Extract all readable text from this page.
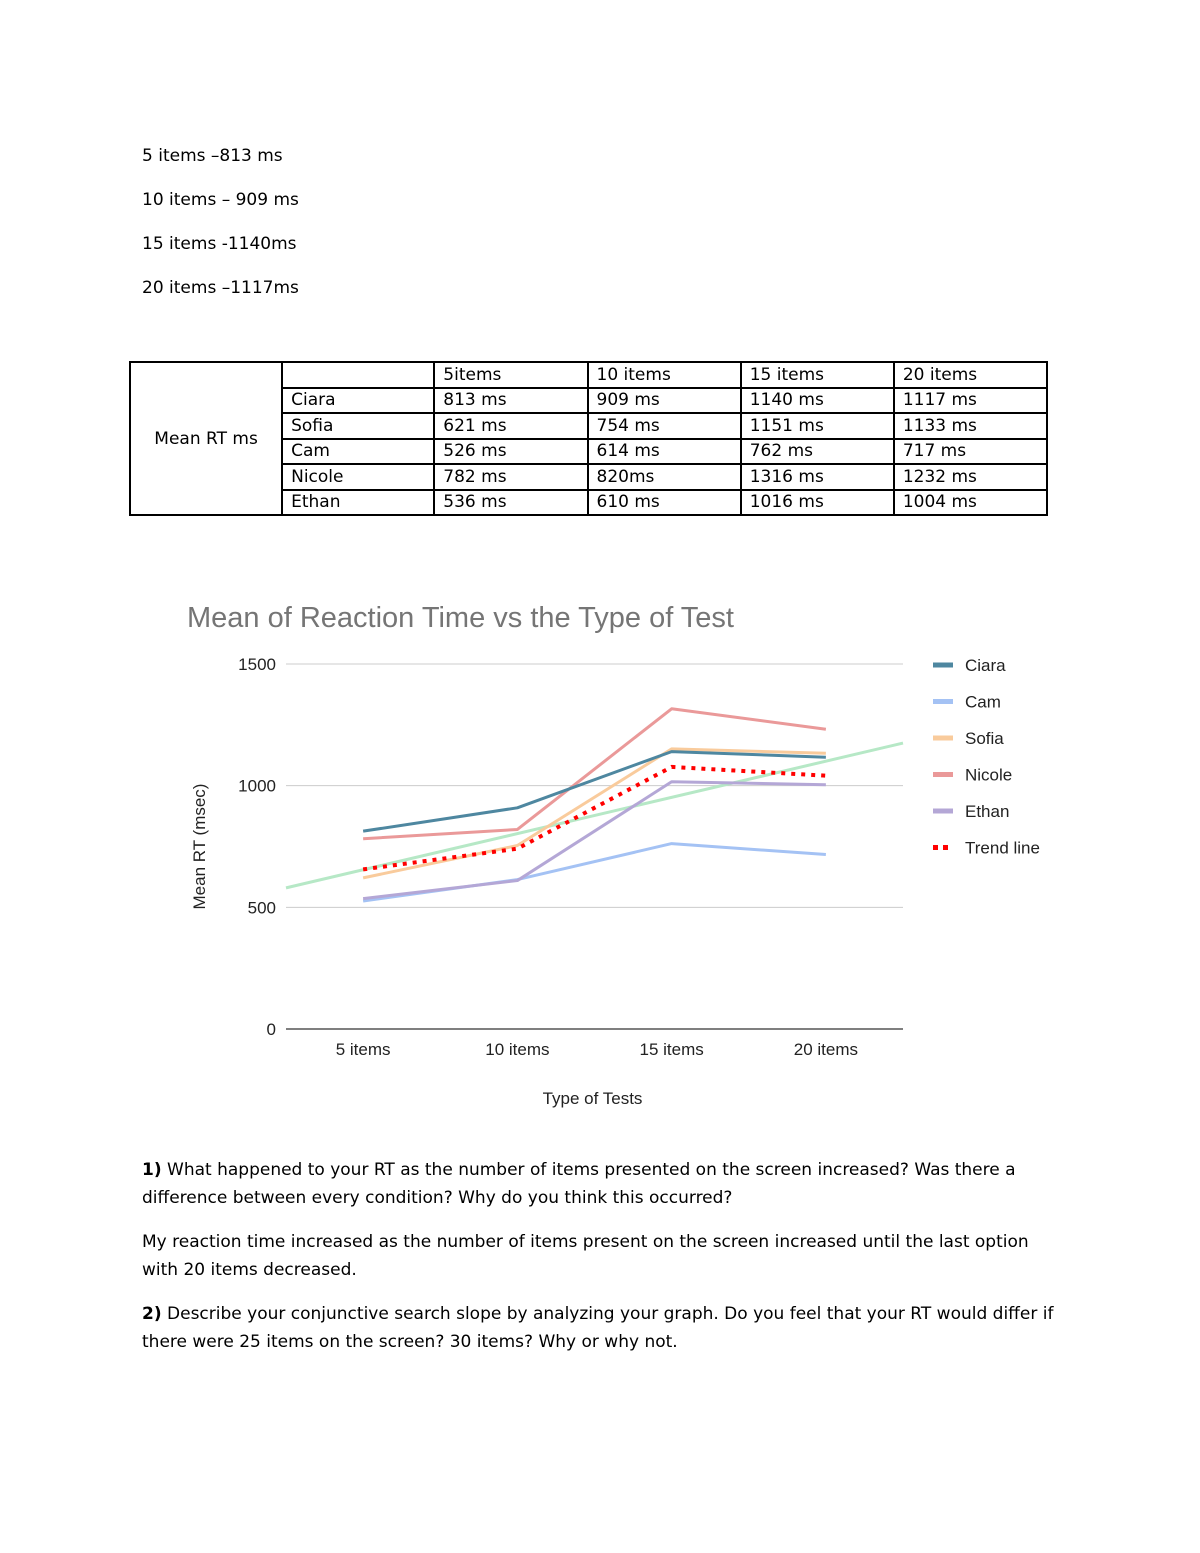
5 items –813 ms
10 items – 909 ms
15 items -1140ms
20 items –1117ms
Mean RT ms		5items	10 items	15 items	20 items
	Ciara	813 ms	909 ms	1140 ms	1117 ms
	Sofia	621 ms	754 ms	1151 ms	1133 ms
	Cam	526 ms	614 ms	762 ms	717 ms
	Nicole	782 ms	820ms	1316 ms	1232 ms
	Ethan	536 ms	610 ms	1016 ms	1004 ms
Mean of Reaction Time vs the Type of Test
0
500
1000
1500
5 items	10 items	15 items	20 items
Type of Tests
Mean RT (msec)
Ciara
Cam
Sofia
Nicole
Ethan
Trend line

1) What happened to your RT as the number of items presented on the screen increased? Was there a difference between every condition? Why do you think this occurred?

My reaction time increased as the number of items present on the screen increased until the last option with 20 items decreased.

2) Describe your conjunctive search slope by analyzing your graph. Do you feel that your RT would differ if there were 25 items on the screen? 30 items? Why or why not.
